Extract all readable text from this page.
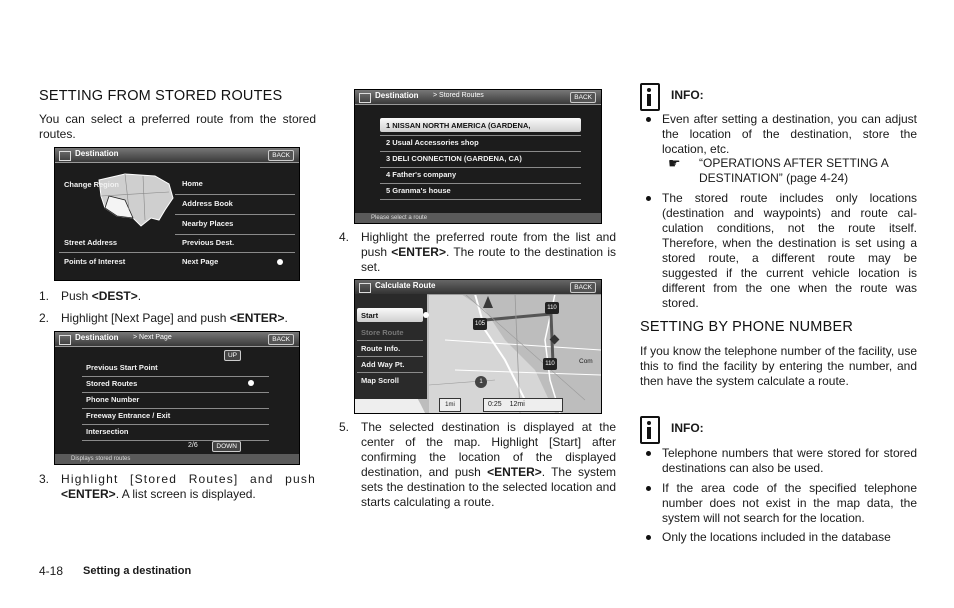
SETTING FROM STORED ROUTES
You can select a preferred route from the stored routes.
Destination	BACK
Change Region	Home
Address Book
Nearby Places
Street Address	Previous Dest.
Points of Interest	Next Page
1. Push <DEST>.
2. Highlight [Next Page] and push <ENTER>.
Destination > Next Page	BACK
UP
Previous Start Point
Stored Routes
Phone Number
Freeway Entrance / Exit
Intersection
2/6	DOWN
Displays stored routes
3. Highlight [Stored Routes] and push <ENTER>. A list screen is displayed.
Destination > Stored Routes	BACK
1 NISSAN NORTH AMERICA (GARDENA,
2 Usual Accessories shop
3 DELI CONNECTION (GARDENA, CA)
4 Father's company
5 Granma's house
Please select a route
4. Highlight the preferred route from the list and push <ENTER>. The route to the destination is set.
Calculate Route	BACK
Start
Store Route
Route Info.
Add Way Pt.
Map Scroll
110
105
110
1
Com
1mi	0:25 12mi
5. The selected destination is displayed at the center of the map. Highlight [Start] after confirming the location of the displayed destination, and push <ENTER>. The system sets the destination to the selected location and starts calculating a route.
INFO:
Even after setting a destination, you can adjust the location of the destination, store the location, etc.
☛ “OPERATIONS AFTER SETTING A DESTINATION” (page 4-24)
The stored route includes only locations (destination and waypoints) and route cal-culation conditions, not the route itself. Therefore, when the destination is set using a stored route, a different route may be suggested if the current vehicle location is different from the one when the route was stored.
SETTING BY PHONE NUMBER
If you know the telephone number of the facility, use this to find the facility by entering the number, and then have the system calculate a route.
INFO:
Telephone numbers that were stored for stored destinations can also be used.
If the area code of the specified telephone number does not exist in the map data, the system will not search for the location.
Only the locations included in the database
4-18 Setting a destination
